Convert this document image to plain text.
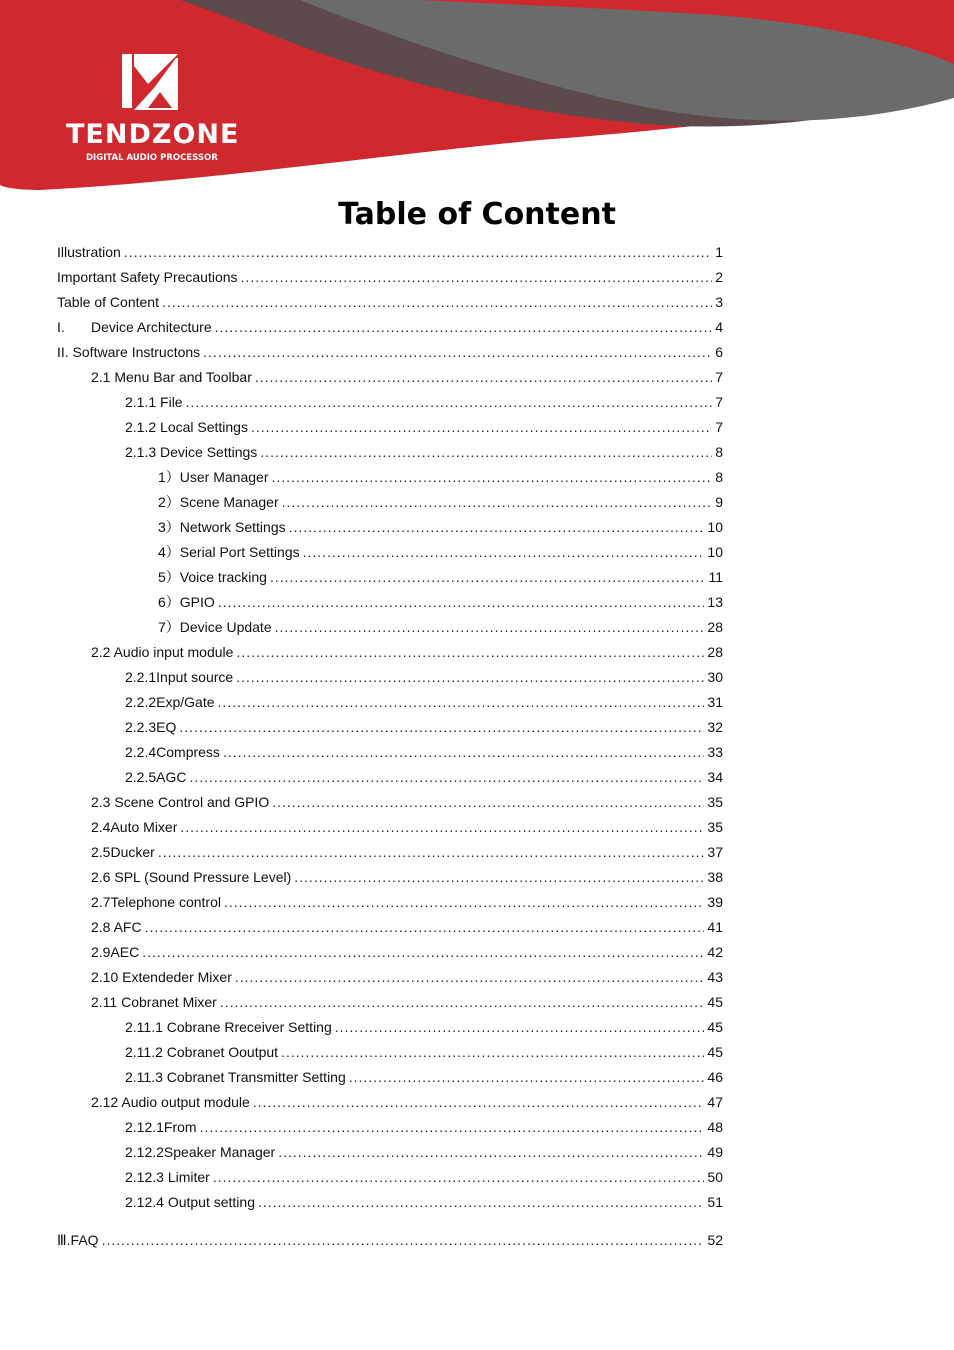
TENDZONE
DIGITAL AUDIO PROCESSOR
Table of Content
Illustration .....	1
Important Safety Precautions .....	2
Table of Content .....	3
I.	Device Architecture .....	4
II. Software Instructons .....	6
2.1 Menu Bar and Toolbar .....	7
2.1.1 File .....	7
2.1.2 Local Settings .....	7
2.1.3 Device Settings .....	8
1）User Manager .....	8
2）Scene Manager .....	9
3）Network Settings .....	10
4）Serial Port Settings .....	10
5）Voice tracking .....	11
6）GPIO .....	13
7）Device Update .....	28
2.2 Audio input module .....	28
2.2.1Input source .....	30
2.2.2Exp/Gate .....	31
2.2.3EQ .....	32
2.2.4Compress .....	33
2.2.5AGC .....	34
2.3 Scene Control and GPIO .....	35
2.4Auto Mixer .....	35
2.5Ducker .....	37
2.6 SPL (Sound Pressure Level) .....	38
2.7Telephone control .....	39
2.8 AFC .....	41
2.9AEC .....	42
2.10 Extendeder Mixer .....	43
2.11 Cobranet Mixer .....	45
2.11.1 Cobrane Rreceiver Setting .....	45
2.11.2 Cobranet Ooutput .....	45
2.11.3 Cobranet Transmitter Setting .....	46
2.12 Audio output module .....	47
2.12.1From .....	48
2.12.2Speaker Manager .....	49
2.12.3 Limiter .....	50
2.12.4 Output setting .....	51
Ⅲ.FAQ .....	52
